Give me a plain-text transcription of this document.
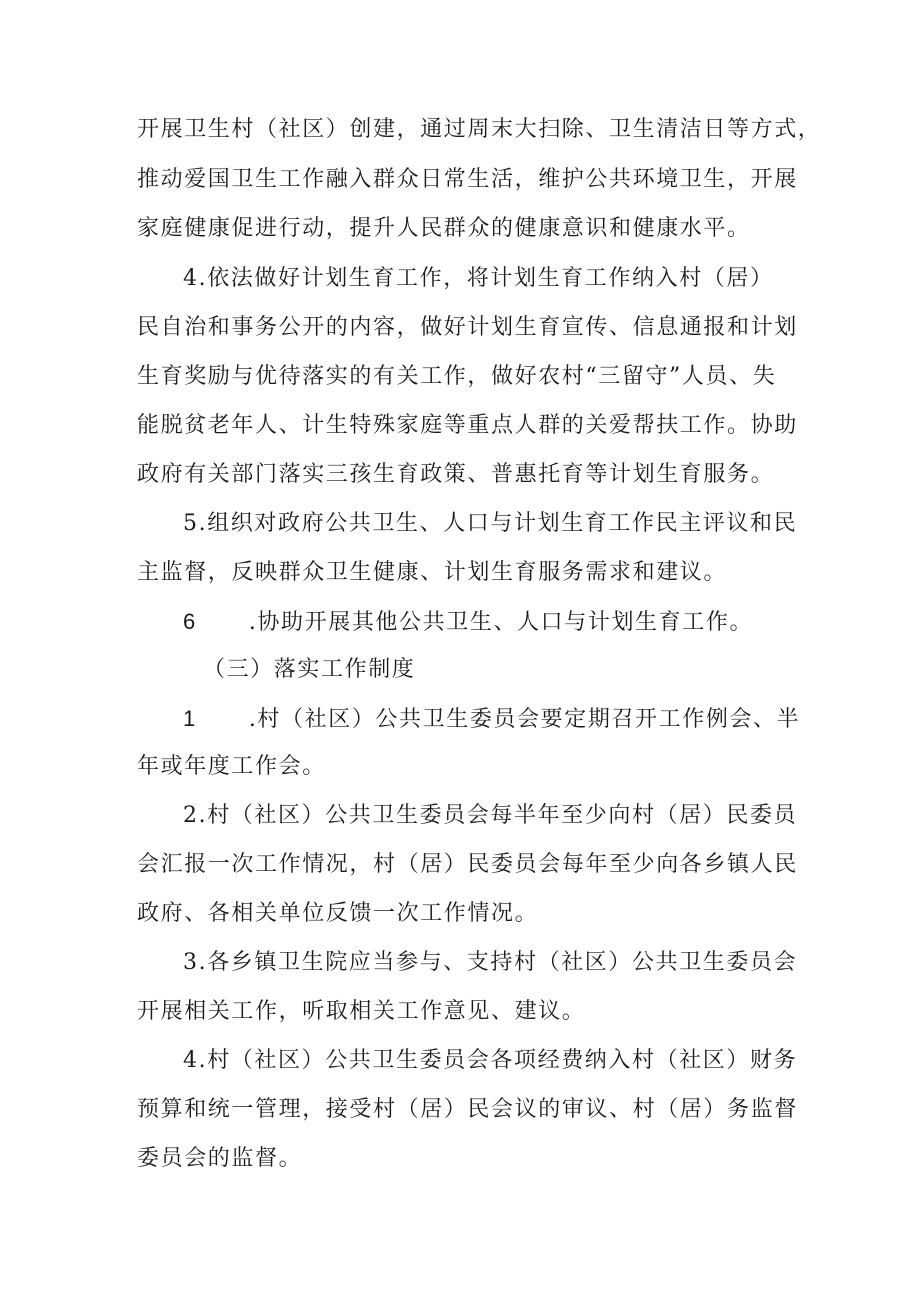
开展卫生村（社区）创建，通过周末大扫除、卫生清洁日等方式，
推动爱国卫生工作融入群众日常生活，维护公共环境卫生，开展
家庭健康促进行动，提升人民群众的健康意识和健康水平。
4.依法做好计划生育工作，将计划生育工作纳入村（居）
民自治和事务公开的内容，做好计划生育宣传、信息通报和计划
生育奖励与优待落实的有关工作，做好农村“三留守”人员、失
能脱贫老年人、计生特殊家庭等重点人群的关爱帮扶工作。协助
政府有关部门落实三孩生育政策、普惠托育等计划生育服务。
5.组织对政府公共卫生、人口与计划生育工作民主评议和民
主监督，反映群众卫生健康、计划生育服务需求和建议。
6 .协助开展其他公共卫生、人口与计划生育工作。
（三）落实工作制度
1 .村（社区）公共卫生委员会要定期召开工作例会、半
年或年度工作会。
2.村（社区）公共卫生委员会每半年至少向村（居）民委员
会汇报一次工作情况，村（居）民委员会每年至少向各乡镇人民
政府、各相关单位反馈一次工作情况。
3.各乡镇卫生院应当参与、支持村（社区）公共卫生委员会
开展相关工作，听取相关工作意见、建议。
4.村（社区）公共卫生委员会各项经费纳入村（社区）财务
预算和统一管理，接受村（居）民会议的审议、村（居）务监督
委员会的监督。
